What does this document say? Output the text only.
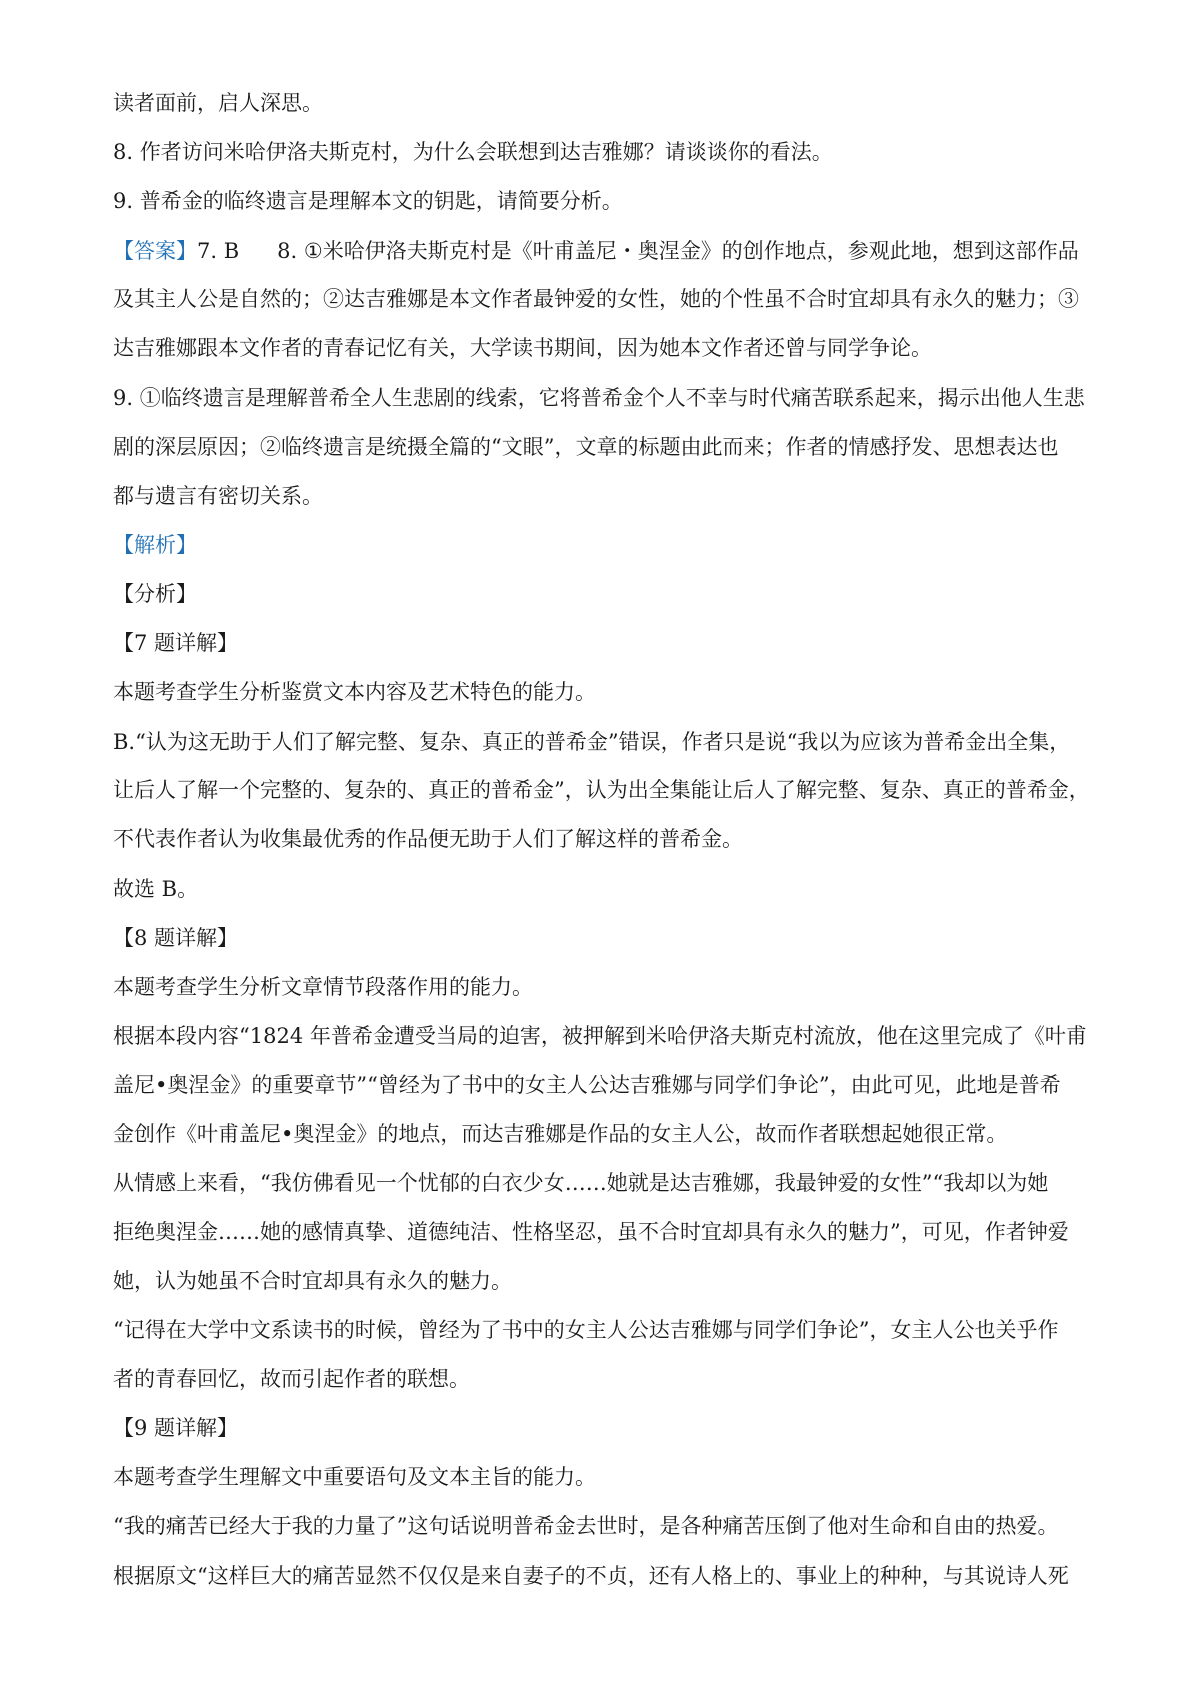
读者面前，启人深思。
8. 作者访问米哈伊洛夫斯克村，为什么会联想到达吉雅娜？请谈谈你的看法。
9. 普希金的临终遗言是理解本文的钥匙，请简要分析。
【答案】7. B 8. ①米哈伊洛夫斯克村是《叶甫盖尼・奥涅金》的创作地点，参观此地，想到这部作品
及其主人公是自然的；②达吉雅娜是本文作者最钟爱的女性，她的个性虽不合时宜却具有永久的魅力；③
达吉雅娜跟本文作者的青春记忆有关，大学读书期间，因为她本文作者还曾与同学争论。
9. ①临终遗言是理解普希全人生悲剧的线索，它将普希金个人不幸与时代痛苦联系起来，揭示出他人生悲
剧的深层原因；②临终遗言是统摄全篇的“文眼”，文章的标题由此而来；作者的情感抒发、思想表达也
都与遗言有密切关系。
【解析】
【分析】
【7 题详解】
本题考查学生分析鉴赏文本内容及艺术特色的能力。
B.“认为这无助于人们了解完整、复杂、真正的普希金”错误，作者只是说“我以为应该为普希金出全集，
让后人了解一个完整的、复杂的、真正的普希金”，认为出全集能让后人了解完整、复杂、真正的普希金，
不代表作者认为收集最优秀的作品便无助于人们了解这样的普希金。
故选 B。
【8 题详解】
本题考查学生分析文章情节段落作用的能力。
根据本段内容“1824 年普希金遭受当局的迫害，被押解到米哈伊洛夫斯克村流放，他在这里完成了《叶甫
盖尼•奥涅金》的重要章节”“曾经为了书中的女主人公达吉雅娜与同学们争论”，由此可见，此地是普希
金创作《叶甫盖尼•奥涅金》的地点，而达吉雅娜是作品的女主人公，故而作者联想起她很正常。
从情感上来看，“我仿佛看见一个忧郁的白衣少女……她就是达吉雅娜，我最钟爱的女性”“我却以为她
拒绝奥涅金……她的感情真挚、道德纯洁、性格坚忍，虽不合时宜却具有永久的魅力”，可见，作者钟爱
她，认为她虽不合时宜却具有永久的魅力。
“记得在大学中文系读书的时候，曾经为了书中的女主人公达吉雅娜与同学们争论”，女主人公也关乎作
者的青春回忆，故而引起作者的联想。
【9 题详解】
本题考查学生理解文中重要语句及文本主旨的能力。
“我的痛苦已经大于我的力量了”这句话说明普希金去世时，是各种痛苦压倒了他对生命和自由的热爱。
根据原文“这样巨大的痛苦显然不仅仅是来自妻子的不贞，还有人格上的、事业上的种种，与其说诗人死
